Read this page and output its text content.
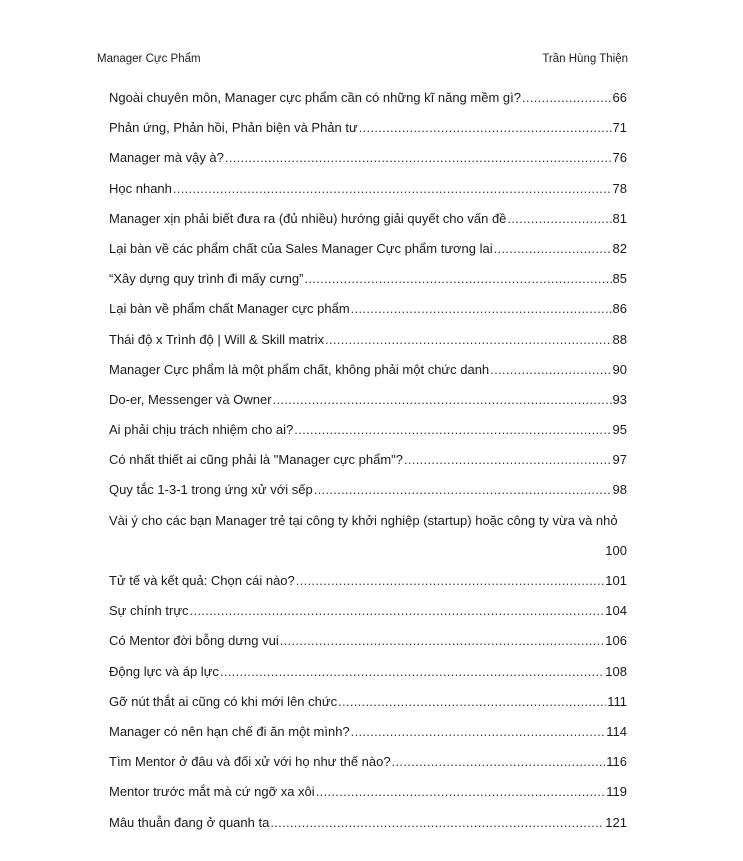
Manager Cực Phẩm	Trần Hùng Thiện
Ngoài chuyên môn, Manager cực phẩm cần có những kĩ năng mềm gì? .....	66
Phản ứng, Phản hồi, Phản biện và Phản tư .....	71
Manager mà vậy à? .....	76
Học nhanh .....	78
Manager xịn phải biết đưa ra (đủ nhiều) hướng giải quyết cho vấn đề .....	81
Lại bàn về các phẩm chất của Sales Manager Cực phẩm tương lai .....	82
“Xây dựng quy trình đi mấy cưng” .....	85
Lại bàn về phẩm chất Manager cực phẩm .....	86
Thái độ x Trình độ | Will & Skill matrix .....	88
Manager Cực phẩm là một phẩm chất, không phải một chức danh .....	90
Do-er, Messenger và Owner .....	93
Ai phải chịu trách nhiệm cho ai? .....	95
Có nhất thiết ai cũng phải là "Manager cực phẩm"? .....	97
Quy tắc 1-3-1 trong ứng xử với sếp .....	98
Vài ý cho các bạn Manager trẻ tại công ty khởi nghiệp (startup) hoặc công ty vừa và nhỏ
100
Tử tế và kết quả: Chọn cái nào? .....	101
Sự chính trực .....	104
Có Mentor đời bỗng dưng vui .....	106
Động lực và áp lực .....	108
Gỡ nút thắt ai cũng có khi mới lên chức .....	111
Manager có nên hạn chế đi ăn một mình? .....	114
Tìm Mentor ở đâu và đối xử với họ như thế nào? .....	116
Mentor trước mắt mà cứ ngỡ xa xôi .....	119
Mâu thuẫn đang ở quanh ta .....	121
